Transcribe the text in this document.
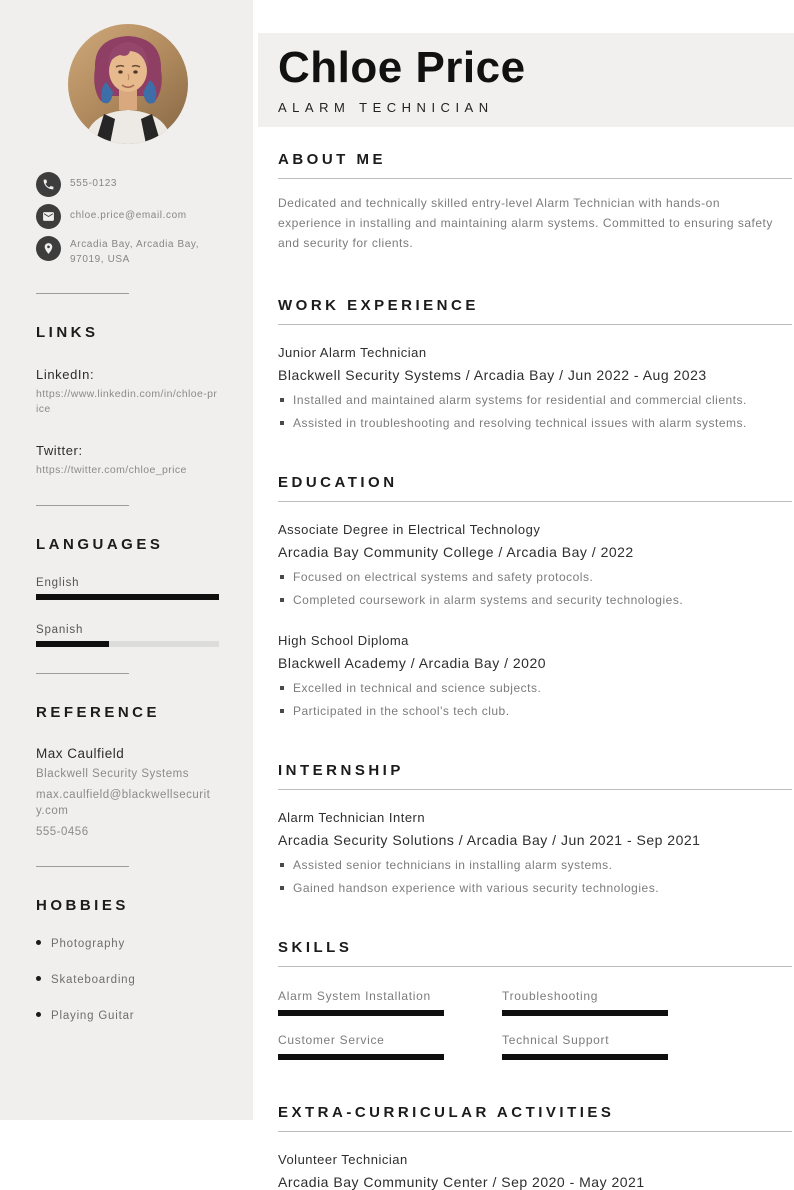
555-0123
chloe.price@email.com
Arcadia Bay, Arcadia Bay, 97019, USA
LINKS
LinkedIn:
https://www.linkedin.com/in/chloe-price
Twitter:
https://twitter.com/chloe_price
LANGUAGES
English
Spanish
REFERENCE
Max Caulfield
Blackwell Security Systems
max.caulfield@blackwellsecurity.com
555-0456
HOBBIES
Photography
Skateboarding
Playing Guitar
Chloe Price
ALARM TECHNICIAN
ABOUT ME

Dedicated and technically skilled entry-level Alarm Technician with hands-on experience in installing and maintaining alarm systems. Committed to ensuring safety and security for clients.

WORK EXPERIENCE
Junior Alarm Technician
Blackwell Security Systems / Arcadia Bay / Jun 2022 - Aug 2023
Installed and maintained alarm systems for residential and commercial clients.
Assisted in troubleshooting and resolving technical issues with alarm systems.
EDUCATION
Associate Degree in Electrical Technology
Arcadia Bay Community College / Arcadia Bay / 2022
Focused on electrical systems and safety protocols.
Completed coursework in alarm systems and security technologies.
High School Diploma
Blackwell Academy / Arcadia Bay / 2020
Excelled in technical and science subjects.
Participated in the school's tech club.
INTERNSHIP
Alarm Technician Intern
Arcadia Security Solutions / Arcadia Bay / Jun 2021 - Sep 2021
Assisted senior technicians in installing alarm systems.
Gained handson experience with various security technologies.
SKILLS
Alarm System Installation	Troubleshooting
Customer Service	Technical Support
EXTRA-CURRICULAR ACTIVITIES
Volunteer Technician
Arcadia Bay Community Center / Sep 2020 - May 2021
